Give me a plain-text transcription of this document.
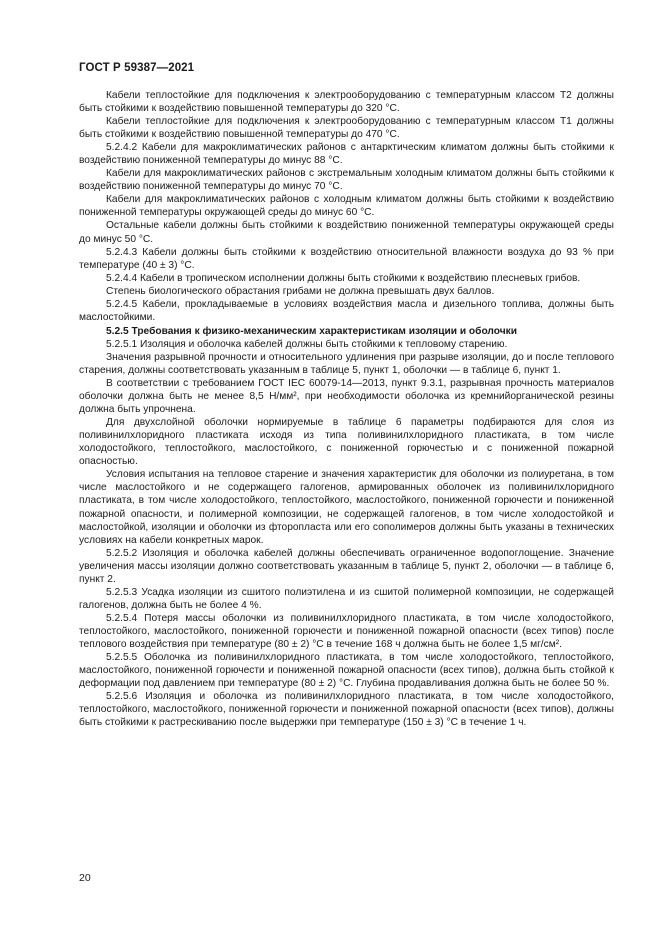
ГОСТ Р 59387—2021

Кабели теплостойкие для подключения к электрооборудованию с температурным классом Т2 должны быть стойкими к воздействию повышенной температуры до 320 °С.

Кабели теплостойкие для подключения к электрооборудованию с температурным классом Т1 должны быть стойкими к воздействию повышенной температуры до 470 °С.

5.2.4.2 Кабели для макроклиматических районов с антарктическим климатом должны быть стойкими к воздействию пониженной температуры до минус 88 °С.

Кабели для макроклиматических районов с экстремальным холодным климатом должны быть стойкими к воздействию пониженной температуры до минус 70 °С.

Кабели для макроклиматических районов с холодным климатом должны быть стойкими к воздействию пониженной температуры окружающей среды до минус 60 °С.

Остальные кабели должны быть стойкими к воздействию пониженной температуры окружающей среды до минус 50 °С.

5.2.4.3 Кабели должны быть стойкими к воздействию относительной влажности воздуха до 93 % при температуре (40 ± 3) °С.

5.2.4.4 Кабели в тропическом исполнении должны быть стойкими к воздействию плесневых грибов.

Степень биологического обрастания грибами не должна превышать двух баллов.

5.2.4.5 Кабели, прокладываемые в условиях воздействия масла и дизельного топлива, должны быть маслостойкими.

5.2.5 Требования к физико-механическим характеристикам изоляции и оболочки

5.2.5.1 Изоляция и оболочка кабелей должны быть стойкими к тепловому старению.

Значения разрывной прочности и относительного удлинения при разрыве изоляции, до и после теплового старения, должны соответствовать указанным в таблице 5, пункт 1, оболочки — в таблице 6, пункт 1.

В соответствии с требованием ГОСТ IEC 60079-14—2013, пункт 9.3.1, разрывная прочность материалов оболочки должна быть не менее 8,5 Н/мм², при необходимости оболочка из кремнийорганической резины должна быть упрочнена.

Для двухслойной оболочки нормируемые в таблице 6 параметры подбираются для слоя из поливинилхлоридного пластиката исходя из типа поливинилхлоридного пластиката, в том числе холодостойкого, теплостойкого, маслостойкого, с пониженной горючестью и с пониженной пожарной опасностью.

Условия испытания на тепловое старение и значения характеристик для оболочки из полиуретана, в том числе маслостойкого и не содержащего галогенов, армированных оболочек из поливинилхлоридного пластиката, в том числе холодостойкого, теплостойкого, маслостойкого, пониженной горючести и пониженной пожарной опасности, и полимерной композиции, не содержащей галогенов, в том числе холодостойкой и маслостойкой, изоляции и оболочки из фторопласта или его сополимеров должны быть указаны в технических условиях на кабели конкретных марок.

5.2.5.2 Изоляция и оболочка кабелей должны обеспечивать ограниченное водопоглощение. Значение увеличения массы изоляции должно соответствовать указанным в таблице 5, пункт 2, оболочки — в таблице 6, пункт 2.

5.2.5.3 Усадка изоляции из сшитого полиэтилена и из сшитой полимерной композиции, не содержащей галогенов, должна быть не более 4 %.

5.2.5.4 Потеря массы оболочки из поливинилхлоридного пластиката, в том числе холодостойкого, теплостойкого, маслостойкого, пониженной горючести и пониженной пожарной опасности (всех типов) после теплового воздействия при температуре (80 ± 2) °С в течение 168 ч должна быть не более 1,5 мг/см².

5.2.5.5 Оболочка из поливинилхлоридного пластиката, в том числе холодостойкого, теплостойкого, маслостойкого, пониженной горючести и пониженной пожарной опасности (всех типов), должна быть стойкой к деформации под давлением при температуре (80 ± 2) °С. Глубина продавливания должна быть не более 50 %.

5.2.5.6 Изоляция и оболочка из поливинилхлоридного пластиката, в том числе холодостойкого, теплостойкого, маслостойкого, пониженной горючести и пониженной пожарной опасности (всех типов), должны быть стойкими к растрескиванию после выдержки при температуре (150 ± 3) °С в течение 1 ч.

20
